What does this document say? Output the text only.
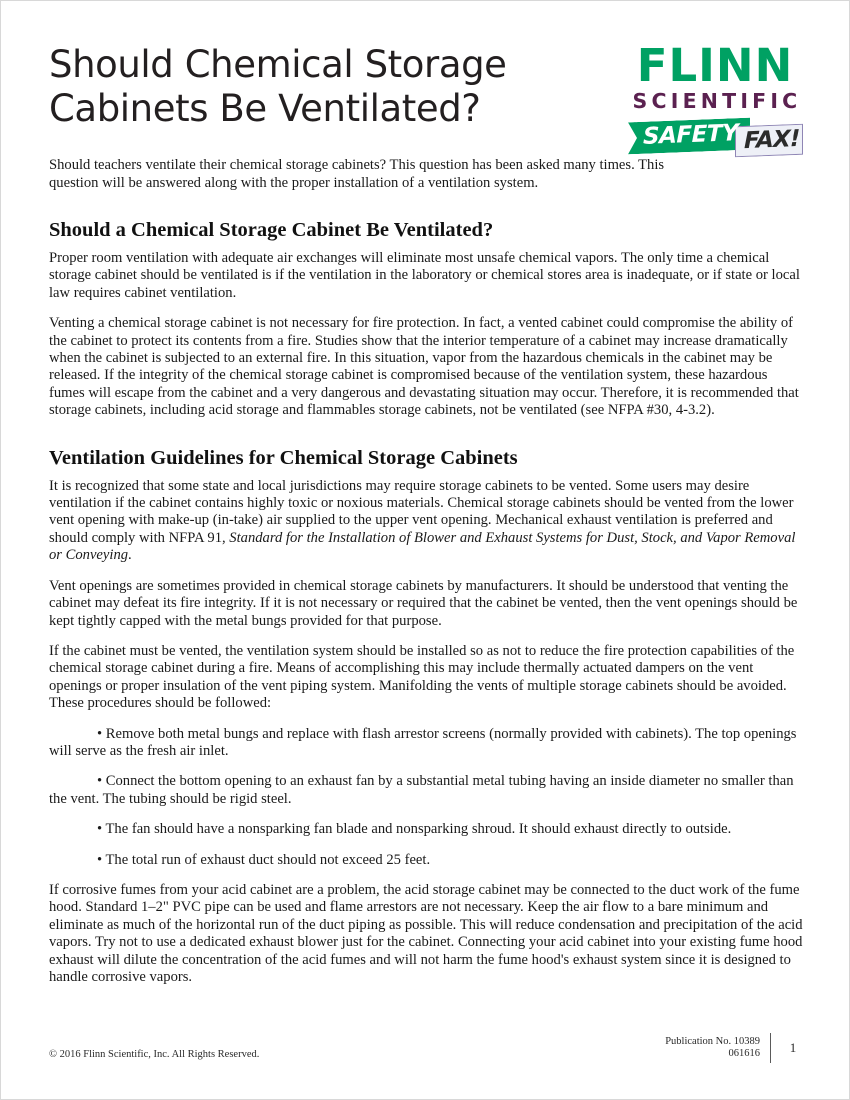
Should Chemical Storage
Cabinets Be Ventilated?
FLINN
SCIENTIFIC
SAFETY FAX!

Should teachers ventilate their chemical storage cabinets? This question has been asked many times. This question will be answered along with the proper installation of a ventilation system.

Should a Chemical Storage Cabinet Be Ventilated?

Proper room ventilation with adequate air exchanges will eliminate most unsafe chemical vapors. The only time a chemical storage cabinet should be ventilated is if the ventilation in the laboratory or chemical stores area is inadequate, or if state or local law requires cabinet ventilation.

Venting a chemical storage cabinet is not necessary for fire protection. In fact, a vented cabinet could compromise the ability of the cabinet to protect its contents from a fire. Studies show that the interior temperature of a cabinet may increase dramatically when the cabinet is subjected to an external fire. In this situation, vapor from the hazardous chemicals in the cabinet may be released. If the integrity of the chemical storage cabinet is compromised because of the ventilation system, these hazardous fumes will escape from the cabinet and a very dangerous and devastating situation may occur. Therefore, it is recommended that storage cabinets, including acid storage and flammables storage cabinets, not be ventilated (see NFPA #30, 4-3.2).

Ventilation Guidelines for Chemical Storage Cabinets

It is recognized that some state and local jurisdictions may require storage cabinets to be vented. Some users may desire ventilation if the cabinet contains highly toxic or noxious materials. Chemical storage cabinets should be vented from the lower vent opening with make-up (in-take) air supplied to the upper vent opening. Mechanical exhaust ventilation is preferred and should comply with NFPA 91, Standard for the Installation of Blower and Exhaust Systems for Dust, Stock, and Vapor Removal or Conveying.

Vent openings are sometimes provided in chemical storage cabinets by manufacturers. It should be understood that venting the cabinet may defeat its fire integrity. If it is not necessary or required that the cabinet be vented, then the vent openings should be kept tightly capped with the metal bungs provided for that purpose.

If the cabinet must be vented, the ventilation system should be installed so as not to reduce the fire protection capabilities of the chemical storage cabinet during a fire. Means of accomplishing this may include thermally actuated dampers on the vent openings or proper insulation of the vent piping system. Manifolding the vents of multiple storage cabinets should be avoided. These procedures should be followed:

• Remove both metal bungs and replace with flash arrestor screens (normally provided with cabinets). The top openings will serve as the fresh air inlet.

• Connect the bottom opening to an exhaust fan by a substantial metal tubing having an inside diameter no smaller than the vent. The tubing should be rigid steel.

• The fan should have a nonsparking fan blade and nonsparking shroud. It should exhaust directly to outside.

• The total run of exhaust duct should not exceed 25 feet.

If corrosive fumes from your acid cabinet are a problem, the acid storage cabinet may be connected to the duct work of the fume hood. Standard 1–2" PVC pipe can be used and flame arrestors are not necessary. Keep the air flow to a bare minimum and eliminate as much of the horizontal run of the duct piping as possible. This will reduce condensation and precipitation of the acid vapors. Try not to use a dedicated exhaust blower just for the cabinet. Connecting your acid cabinet into your existing fume hood exhaust will dilute the concentration of the acid fumes and will not harm the fume hood's exhaust system since it is designed to handle corrosive vapors.

© 2016 Flinn Scientific, Inc. All Rights Reserved.
Publication No. 10389
061616	1
